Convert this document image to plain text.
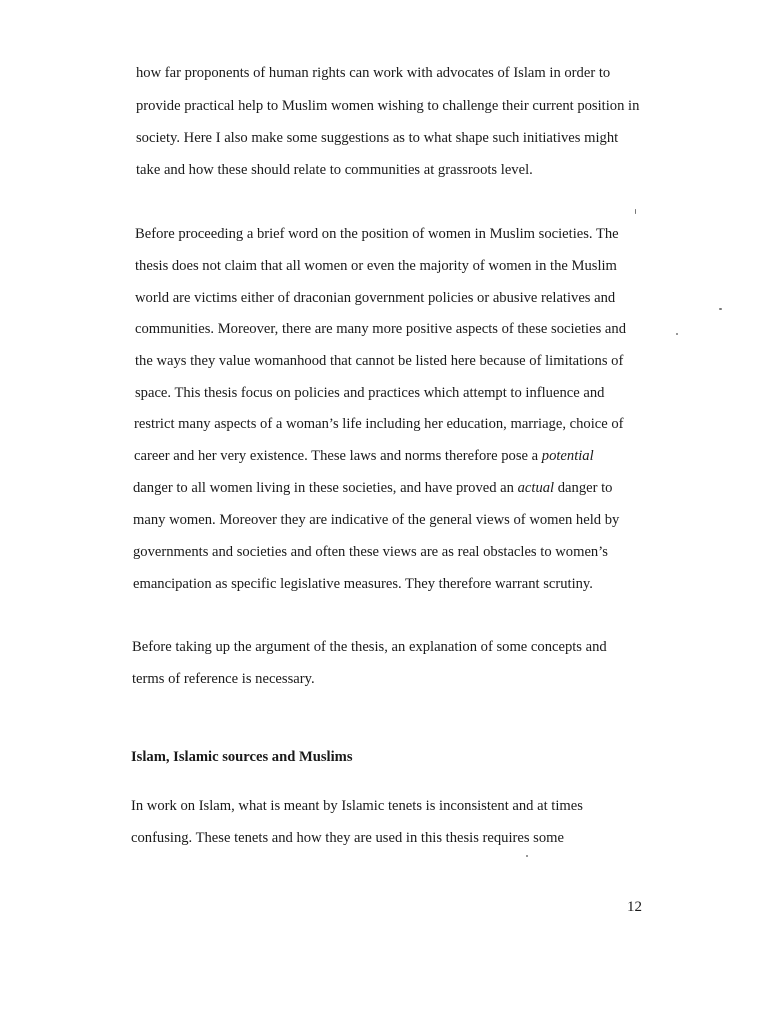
how far proponents of human rights can work with advocates of Islam in order to
provide practical help to Muslim women wishing to challenge their current position in
society. Here I also make some suggestions as to what shape such initiatives might
take and how these should relate to communities at grassroots level.
Before proceeding a brief word on the position of women in Muslim societies. The
thesis does not claim that all women or even the majority of women in the Muslim
world are victims either of draconian government policies or abusive relatives and
communities. Moreover, there are many more positive aspects of these societies and
the ways they value womanhood that cannot be listed here because of limitations of
space. This thesis focus on policies and practices which attempt to influence and
restrict many aspects of a woman’s life including her education, marriage, choice of
career and her very existence. These laws and norms therefore pose a potential
danger to all women living in these societies, and have proved an actual danger to
many women. Moreover they are indicative of the general views of women held by
governments and societies and often these views are as real obstacles to women’s
emancipation as specific legislative measures. They therefore warrant scrutiny.
Before taking up the argument of the thesis, an explanation of some concepts and
terms of reference is necessary.
Islam, Islamic sources and Muslims
In work on Islam, what is meant by Islamic tenets is inconsistent and at times
confusing. These tenets and how they are used in this thesis requires some
12
